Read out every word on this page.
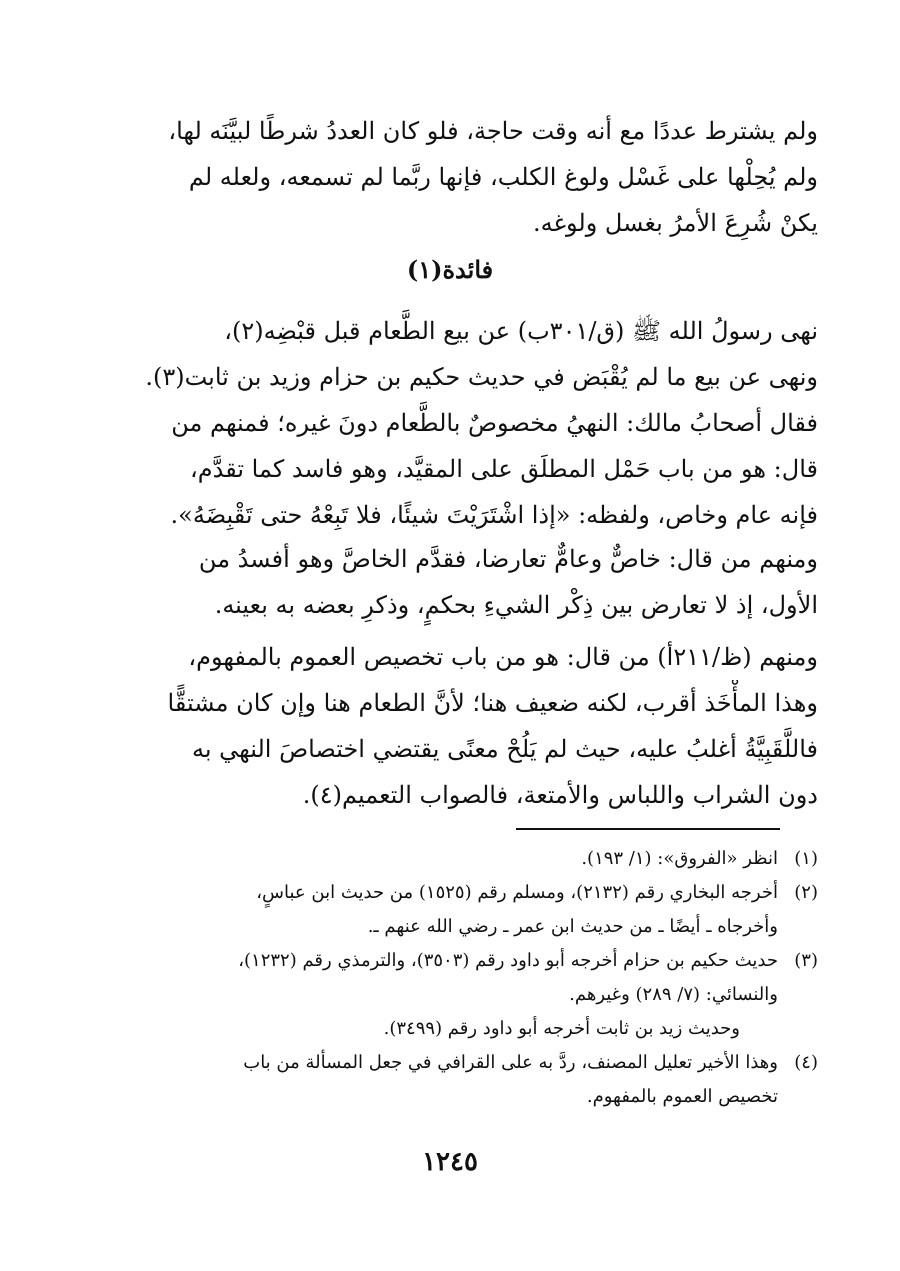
ولم يشترط عددًا مع أنه وقت حاجة، فلو كان العددُ شرطًا لبيَّنَه لها،
ولم يُحِلْها على غَسْل ولوغ الكلب، فإنها ربَّما لم تسمعه، ولعله لم
يكنْ شُرِعَ الأمرُ بغسل ولوغه.
فائدة(١)
نهى رسولُ الله ﷺ (ق/٣٠١ب) عن بيع الطَّعام قبل قبْضِه(٢)،
ونهى عن بيع ما لم يُقْبَض في حديث حكيم بن حزام وزيد بن ثابت(٣).
فقال أصحابُ مالك: النهيُ مخصوصٌ بالطَّعام دونَ غيره؛ فمنهم من
قال: هو من باب حَمْل المطلَق على المقيَّد، وهو فاسد كما تقدَّم،
فإنه عام وخاص، ولفظه: «إذا اشْتَرَيْتَ شيئًا، فلا تَبِعْهُ حتى تَقْبِضَهُ».
ومنهم من قال: خاصٌّ وعامٌّ تعارضا، فقدَّم الخاصَّ وهو أفسدُ من
الأول، إذ لا تعارض بين ذِكْر الشيءِ بحكمٍ، وذكرِ بعضه به بعينه.
ومنهم (ظ/٢١١أ) من قال: هو من باب تخصيص العموم بالمفهوم،
وهذا المأْخَذ أقرب، لكنه ضعيف هنا؛ لأنَّ الطعام هنا وإن كان مشتقًّا
فاللَّقَبِيَّةُ أغلبُ عليه، حيث لم يَلُحْ معنًى يقتضي اختصاصَ النهي به
دون الشراب واللباس والأمتعة، فالصواب التعميم(٤).
(١)
انظر «الفروق»: (١/ ١٩٣).
(٢)
أخرجه البخاري رقم (٢١٣٢)، ومسلم رقم (١٥٢٥) من حديث ابن عباسٍ،
وأخرجاه ـ أيضًا ـ من حديث ابن عمر ـ رضي الله عنهم ـ.
(٣)
حديث حكيم بن حزام أخرجه أبو داود رقم (٣٥٠٣)، والترمذي رقم (١٢٣٢)،
والنسائي: (٧/ ٢٨٩) وغيرهم.
وحديث زيد بن ثابت أخرجه أبو داود رقم (٣٤٩٩).
(٤)
وهذا الأخير تعليل المصنف، ردَّ به على القرافي في جعل المسألة من باب
تخصيص العموم بالمفهوم.
١٢٤٥
